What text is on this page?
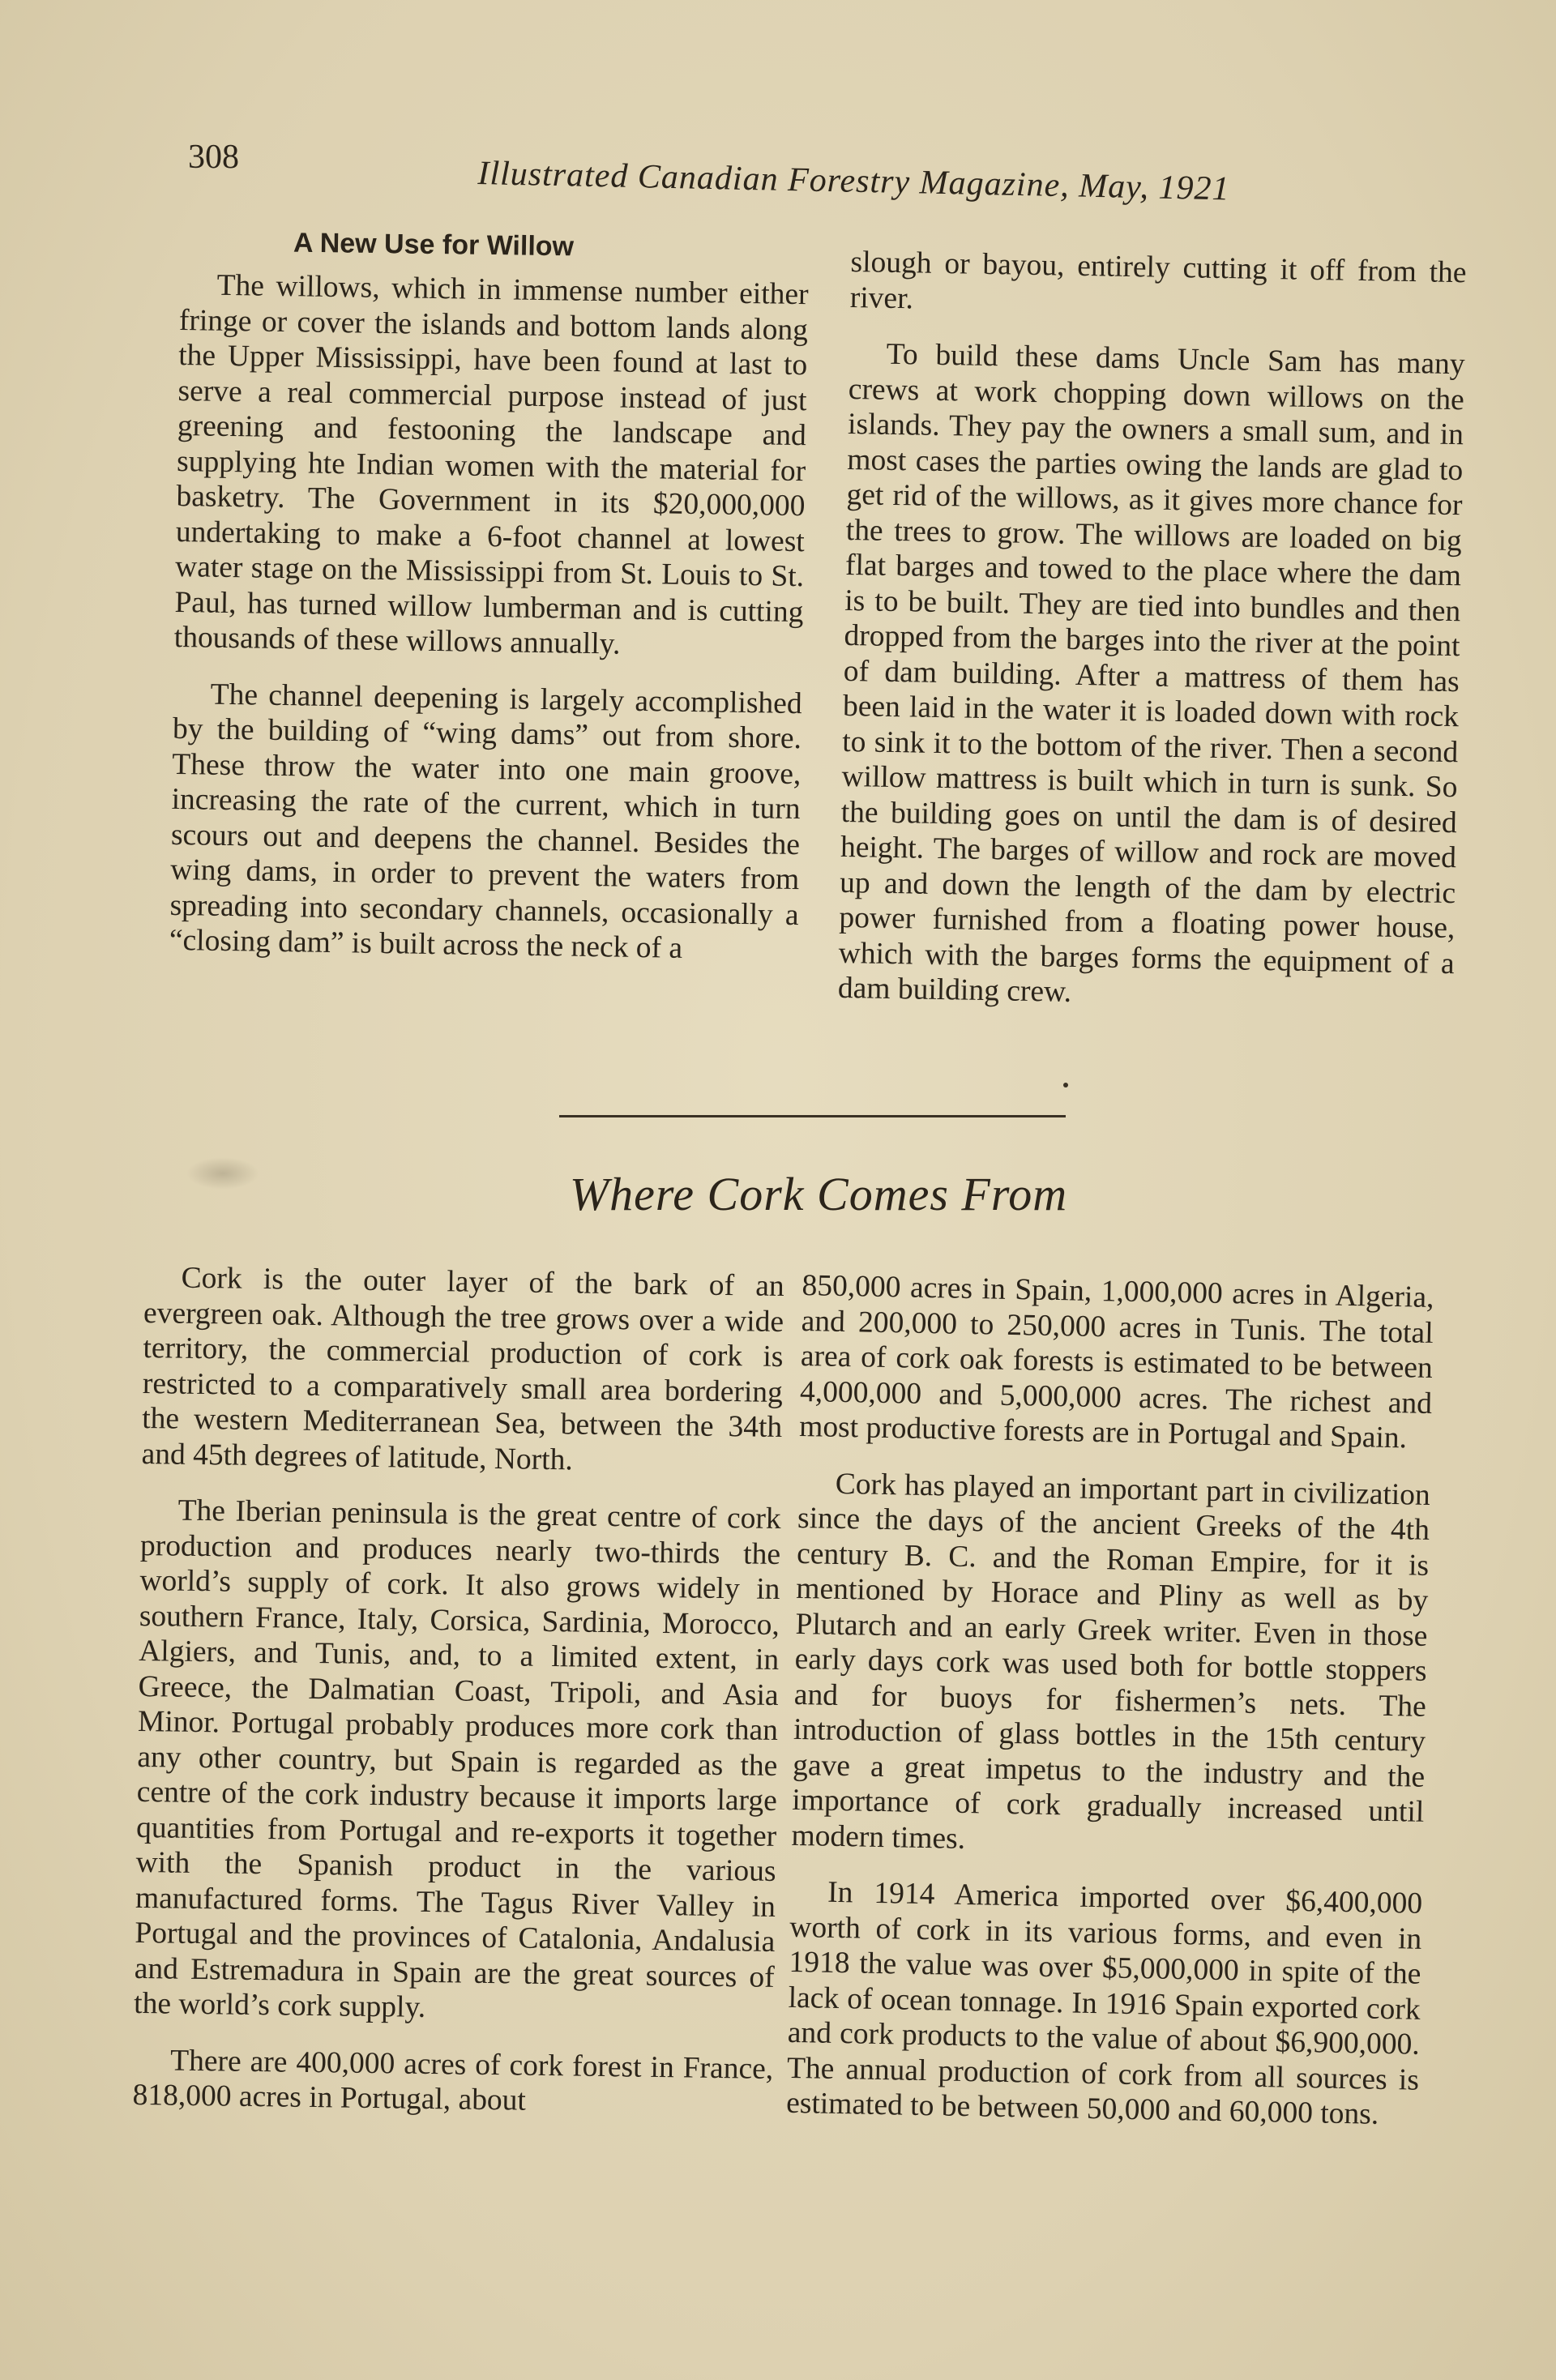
308	Illustrated Canadian Forestry Magazine, May, 1921
A New Use for Willow

The willows, which in immense number either fringe or cover the islands and bottom lands along the Upper Mississippi, have been found at last to serve a real commercial purpose instead of just greening and festooning the landscape and supplying hte Indian women with the material for basketry. The Government in its $20,000,000 undertaking to make a 6-foot channel at lowest water stage on the Mississippi from St. Louis to St. Paul, has turned willow lumberman and is cutting thousands of these willows annually.

The channel deepening is largely accomplished by the building of “wing dams” out from shore. These throw the water into one main groove, increasing the rate of the current, which in turn scours out and deepens the channel. Besides the wing dams, in order to prevent the waters from spreading into secondary channels, occasionally a “closing dam” is built across the neck of a

slough or bayou, entirely cutting it off from the river.

To build these dams Uncle Sam has many crews at work chopping down willows on the islands. They pay the owners a small sum, and in most cases the parties owing the lands are glad to get rid of the willows, as it gives more chance for the trees to grow. The willows are loaded on big flat barges and towed to the place where the dam is to be built. They are tied into bundles and then dropped from the barges into the river at the point of dam building. After a mattress of them has been laid in the water it is loaded down with rock to sink it to the bottom of the river. Then a second willow mattress is built which in turn is sunk. So the building goes on until the dam is of desired height. The barges of willow and rock are moved up and down the length of the dam by electric power furnished from a floating power house, which with the barges forms the equipment of a dam building crew.

Where Cork Comes From

Cork is the outer layer of the bark of an evergreen oak. Although the tree grows over a wide territory, the commercial production of cork is restricted to a comparatively small area bordering the western Mediterranean Sea, between the 34th and 45th degrees of latitude, North.

The Iberian peninsula is the great centre of cork production and produces nearly two-thirds the world’s supply of cork. It also grows widely in southern France, Italy, Corsica, Sardinia, Morocco, Algiers, and Tunis, and, to a limited extent, in Greece, the Dalmatian Coast, Tripoli, and Asia Minor. Portugal probably produces more cork than any other country, but Spain is regarded as the centre of the cork industry because it imports large quantities from Portugal and re-exports it together with the Spanish product in the various manufactured forms. The Tagus River Valley in Portugal and the provinces of Catalonia, Andalusia and Estremadura in Spain are the great sources of the world’s cork supply.

There are 400,000 acres of cork forest in France, 818,000 acres in Portugal, about

850,000 acres in Spain, 1,000,000 acres in Algeria, and 200,000 to 250,000 acres in Tunis. The total area of cork oak forests is estimated to be between 4,000,000 and 5,000,000 acres. The richest and most productive forests are in Portugal and Spain.

Cork has played an important part in civilization since the days of the ancient Greeks of the 4th century B. C. and the Roman Empire, for it is mentioned by Horace and Pliny as well as by Plutarch and an early Greek writer. Even in those early days cork was used both for bottle stoppers and for buoys for fishermen’s nets. The introduction of glass bottles in the 15th century gave a great impetus to the industry and the importance of cork gradually increased until modern times.

In 1914 America imported over $6,400,000 worth of cork in its various forms, and even in 1918 the value was over $5,000,000 in spite of the lack of ocean tonnage. In 1916 Spain exported cork and cork products to the value of about $6,900,000. The annual production of cork from all sources is estimated to be between 50,000 and 60,000 tons.
